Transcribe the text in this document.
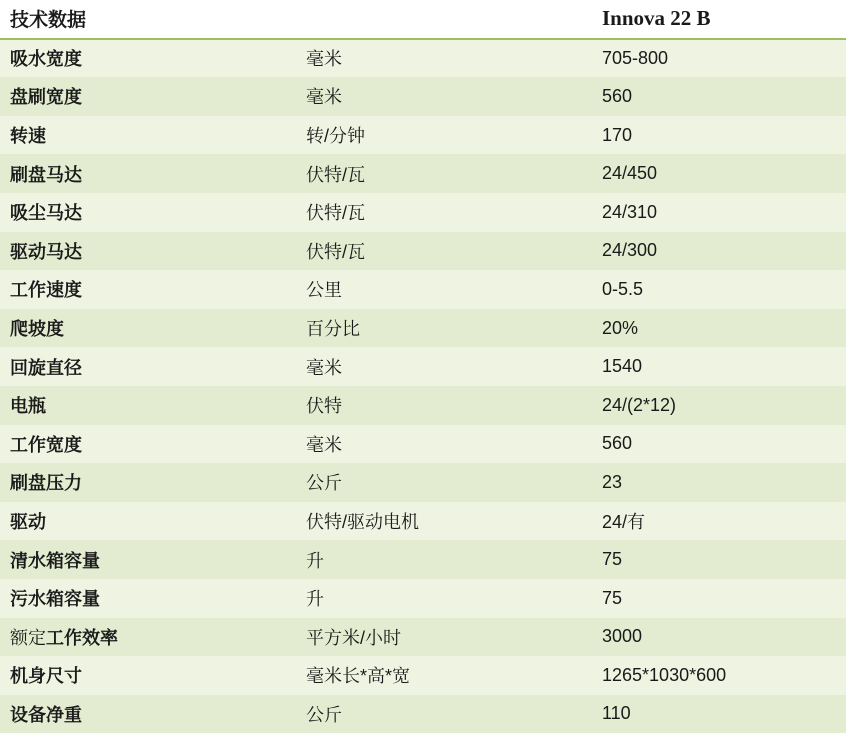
技术数据		Innova 22 B
吸水宽度	毫米	705-800
盘刷宽度	毫米	560
转速	转/分钟	170
刷盘马达	伏特/瓦	24/450
吸尘马达	伏特/瓦	24/310
驱动马达	伏特/瓦	24/300
工作速度	公里	0-5.5
爬坡度	百分比	20%
回旋直径	毫米	1540
电瓶	伏特	24/(2*12)
工作宽度	毫米	560
刷盘压力	公斤	23
驱动	伏特/驱动电机	24/有
清水箱容量	升	75
污水箱容量	升	75
额定工作效率	平方米/小时	3000
机身尺寸	毫米长*高*宽	1265*1030*600
设备净重	公斤	110
